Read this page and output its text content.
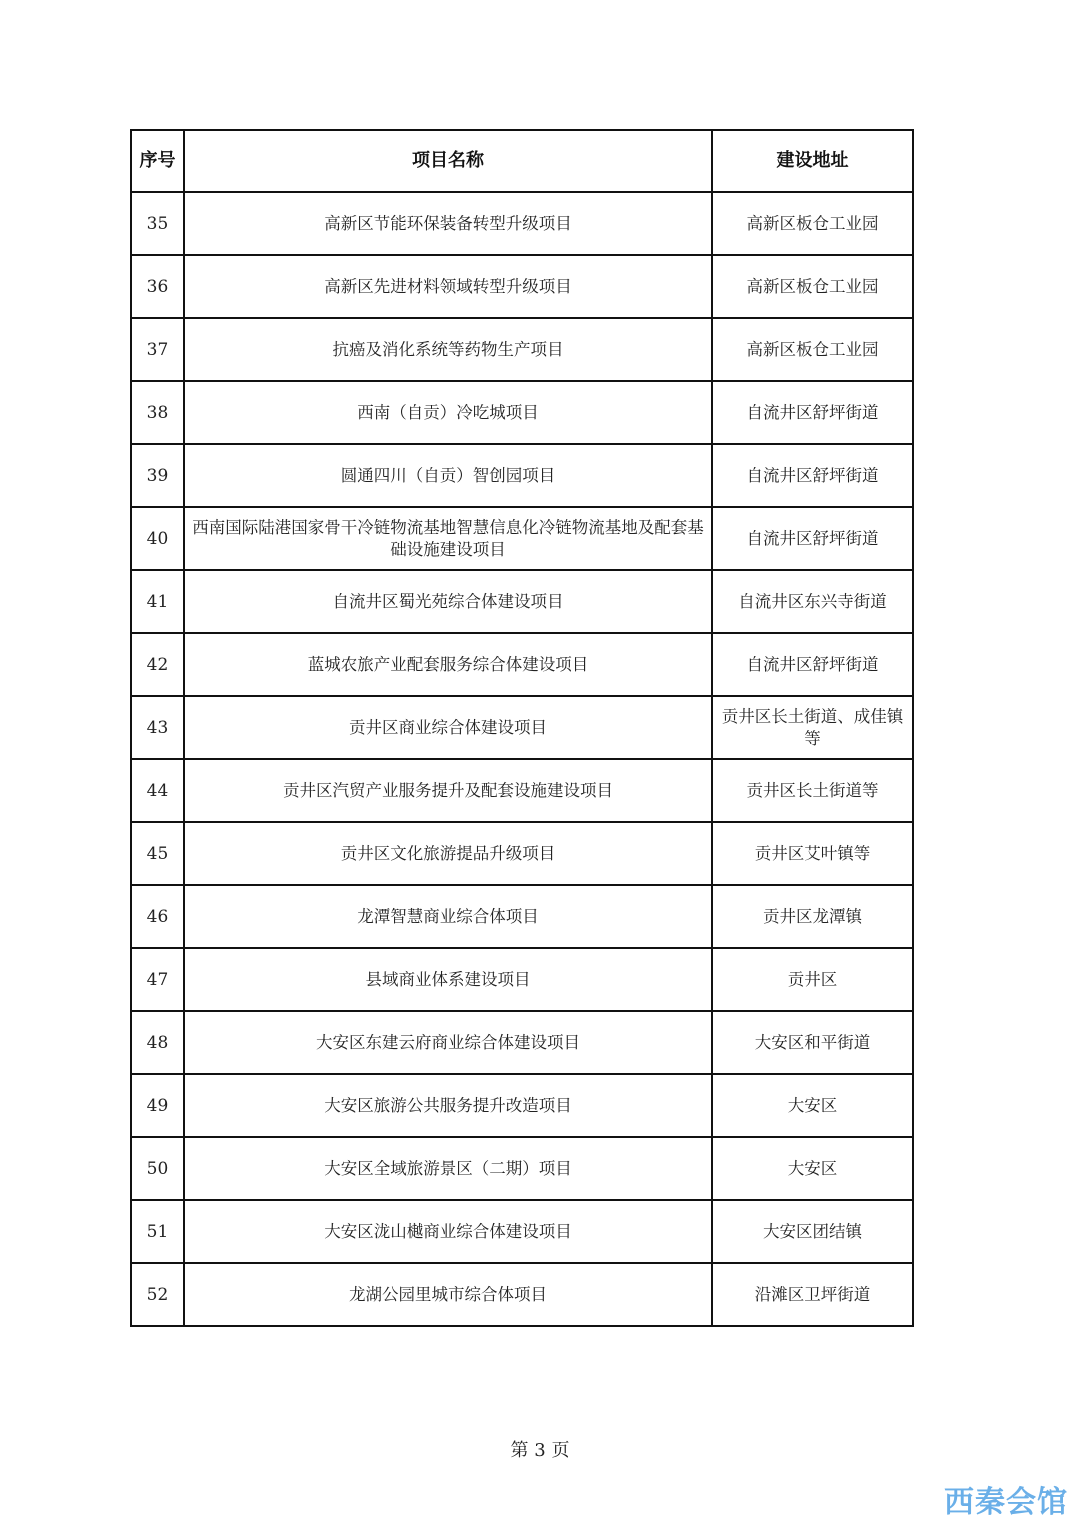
序号	项目名称	建设地址
35	高新区节能环保装备转型升级项目	高新区板仓工业园
36	高新区先进材料领域转型升级项目	高新区板仓工业园
37	抗癌及消化系统等药物生产项目	高新区板仓工业园
38	西南（自贡）冷吃城项目	自流井区舒坪街道
39	圆通四川（自贡）智创园项目	自流井区舒坪街道
40	西南国际陆港国家骨干冷链物流基地智慧信息化冷链物流基地及配套基础设施建设项目	自流井区舒坪街道
41	自流井区蜀光苑综合体建设项目	自流井区东兴寺街道
42	蓝城农旅产业配套服务综合体建设项目	自流井区舒坪街道
43	贡井区商业综合体建设项目	贡井区长土街道、成佳镇等
44	贡井区汽贸产业服务提升及配套设施建设项目	贡井区长土街道等
45	贡井区文化旅游提品升级项目	贡井区艾叶镇等
46	龙潭智慧商业综合体项目	贡井区龙潭镇
47	县域商业体系建设项目	贡井区
48	大安区东建云府商业综合体建设项目	大安区和平街道
49	大安区旅游公共服务提升改造项目	大安区
50	大安区全域旅游景区（二期）项目	大安区
51	大安区泷山樾商业综合体建设项目	大安区团结镇
52	龙湖公园里城市综合体项目	沿滩区卫坪街道
第 3 页
西秦会馆
